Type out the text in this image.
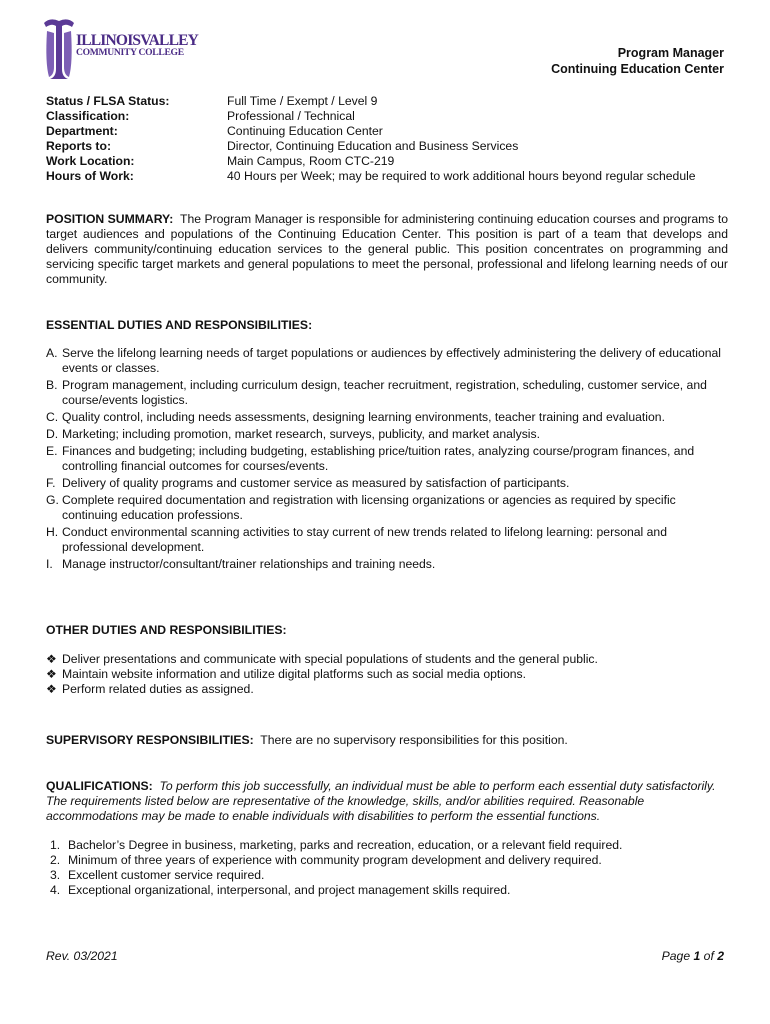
ILLINOISVALLEY
COMMUNITY COLLEGE	Program Manager
Continuing Education Center
Status / FLSA Status:	Full Time / Exempt / Level 9
Classification:	Professional / Technical
Department:	Continuing Education Center
Reports to:	Director, Continuing Education and Business Services
Work Location:	Main Campus, Room CTC-219
Hours of Work:	40 Hours per Week; may be required to work additional hours beyond regular schedule
POSITION SUMMARY: The Program Manager is responsible for administering continuing education courses and programs to target audiences and populations of the Continuing Education Center. This position is part of a team that develops and delivers community/continuing education services to the general public. This position concentrates on programming and servicing specific target markets and general populations to meet the personal, professional and lifelong learning needs of our community.
ESSENTIAL DUTIES AND RESPONSIBILITIES:
A. Serve the lifelong learning needs of target populations or audiences by effectively administering the delivery of educational events or classes.
B. Program management, including curriculum design, teacher recruitment, registration, scheduling, customer service, and course/events logistics.
C. Quality control, including needs assessments, designing learning environments, teacher training and evaluation.
D. Marketing; including promotion, market research, surveys, publicity, and market analysis.
E. Finances and budgeting; including budgeting, establishing price/tuition rates, analyzing course/program finances, and controlling financial outcomes for courses/events.
F. Delivery of quality programs and customer service as measured by satisfaction of participants.
G. Complete required documentation and registration with licensing organizations or agencies as required by specific continuing education professions.
H. Conduct environmental scanning activities to stay current of new trends related to lifelong learning: personal and professional development.
I. Manage instructor/consultant/trainer relationships and training needs.
OTHER DUTIES AND RESPONSIBILITIES:
❖ Deliver presentations and communicate with special populations of students and the general public.
❖ Maintain website information and utilize digital platforms such as social media options.
❖ Perform related duties as assigned.
SUPERVISORY RESPONSIBILITIES: There are no supervisory responsibilities for this position.
QUALIFICATIONS: To perform this job successfully, an individual must be able to perform each essential duty satisfactorily. The requirements listed below are representative of the knowledge, skills, and/or abilities required. Reasonable accommodations may be made to enable individuals with disabilities to perform the essential functions.
1. Bachelor’s Degree in business, marketing, parks and recreation, education, or a relevant field required.
2. Minimum of three years of experience with community program development and delivery required.
3. Excellent customer service required.
4. Exceptional organizational, interpersonal, and project management skills required.
Rev. 03/2021	Page 1 of 2
